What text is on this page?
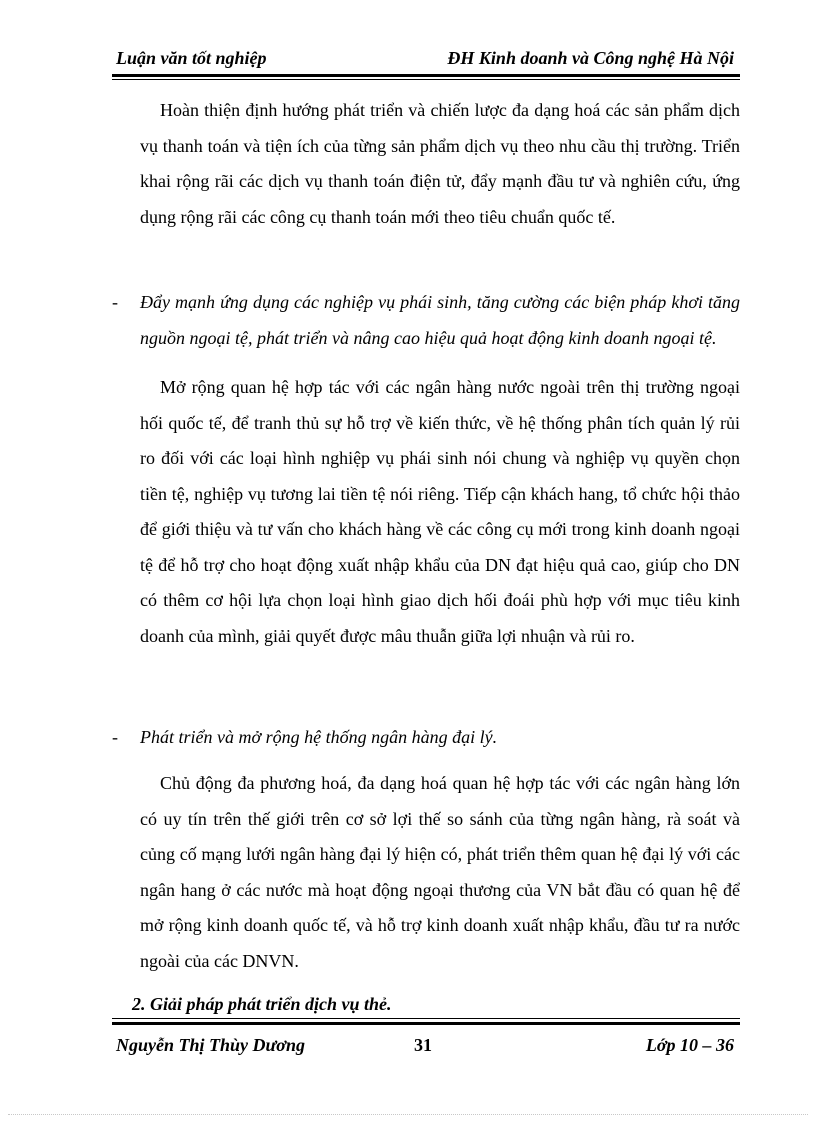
Luận văn tốt nghiệp	ĐH Kinh doanh và Công nghệ Hà Nội
Hoàn thiện định hướng phát triển và chiến lược đa dạng hoá các sản phẩm dịch vụ thanh toán và tiện ích của từng sản phẩm dịch vụ theo nhu cầu thị trường. Triển khai rộng rãi các dịch vụ thanh toán điện tử, đẩy mạnh đầu tư và nghiên cứu, ứng dụng rộng rãi các công cụ thanh toán mới theo tiêu chuẩn quốc tế.
- Đẩy mạnh ứng dụng các nghiệp vụ phái sinh, tăng cường các biện pháp khơi tăng nguồn ngoại tệ, phát triển và nâng cao hiệu quả hoạt động kinh doanh ngoại tệ.
Mở rộng quan hệ hợp tác với các ngân hàng nước ngoài trên thị trường ngoại hối quốc tế, để tranh thủ sự hỗ trợ về kiến thức, về hệ thống phân tích quản lý rủi ro đối với các loại hình nghiệp vụ phái sinh nói chung và nghiệp vụ quyền chọn tiền tệ, nghiệp vụ tương lai tiền tệ nói riêng. Tiếp cận khách hang, tổ chức hội thảo để giới thiệu và tư vấn cho khách hàng về các công cụ mới trong kinh doanh ngoại tệ để hỗ trợ cho hoạt động xuất nhập khẩu của DN đạt hiệu quả cao, giúp cho DN có thêm cơ hội lựa chọn loại hình giao dịch hối đoái phù hợp với mục tiêu kinh doanh của mình, giải quyết được mâu thuẫn giữa lợi nhuận và rủi ro.
- Phát triển và mở rộng hệ thống ngân hàng đại lý.
Chủ động đa phương hoá, đa dạng hoá quan hệ hợp tác với các ngân hàng lớn có uy tín trên thế giới trên cơ sở lợi thế so sánh của từng ngân hàng, rà soát và củng cố mạng lưới ngân hàng đại lý hiện có, phát triển thêm quan hệ đại lý với các ngân hang ở các nước mà hoạt động ngoại thương của VN bắt đầu có quan hệ để mở rộng kinh doanh quốc tế, và hỗ trợ kinh doanh xuất nhập khẩu, đầu tư ra nước ngoài của các DNVN.
2. Giải pháp phát triển dịch vụ thẻ.
Nguyễn Thị Thùy Dương	31	Lớp 10 – 36
